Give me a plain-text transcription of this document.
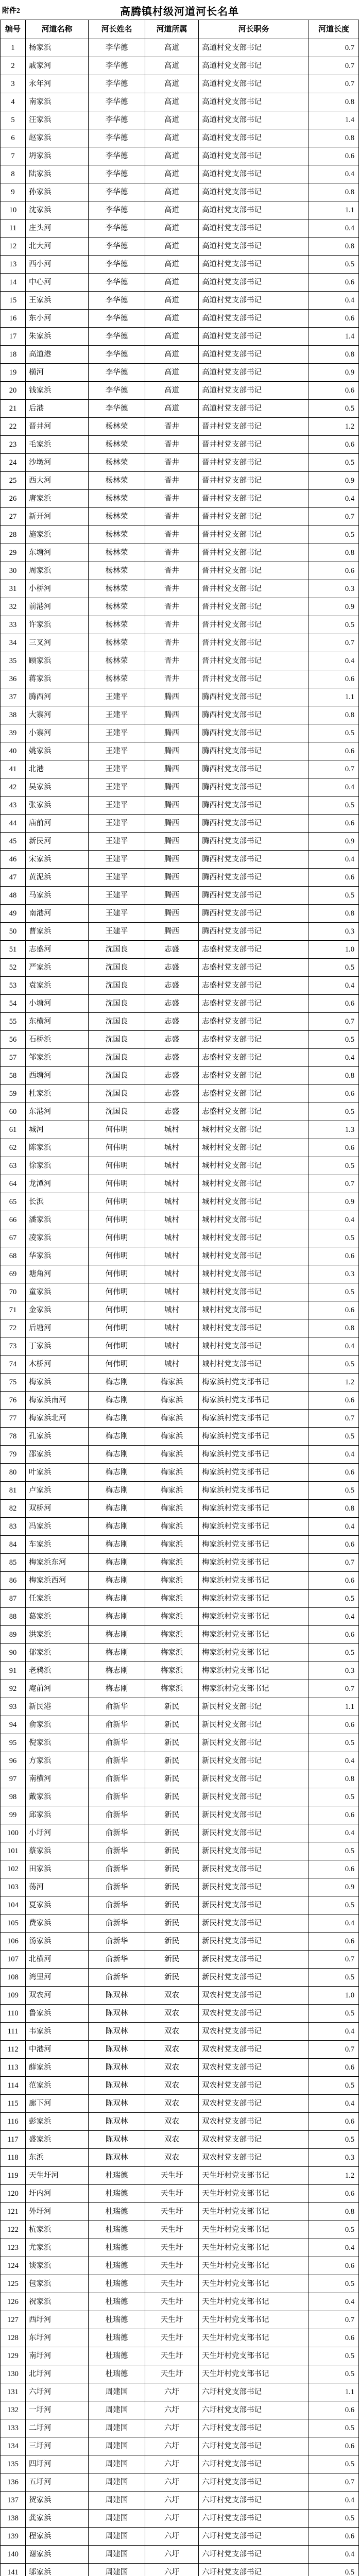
附件2	高腾镇村级河道河长名单
编号	河道名称	河长姓名	河道所属	河长职务	河道长度
1	杨家浜	李华德	高道	高道村党支部书记	0.7
2	戚家河	李华德	高道	高道村党支部书记	0.7
3	永年河	李华德	高道	高道村党支部书记	0.7
4	南家浜	李华德	高道	高道村党支部书记	0.8
5	汪家浜	李华德	高道	高道村党支部书记	1.4
6	赵家浜	李华德	高道	高道村党支部书记	0.8
7	坍家浜	李华德	高道	高道村党支部书记	0.6
8	陆家浜	李华德	高道	高道村党支部书记	0.4
9	孙家浜	李华德	高道	高道村党支部书记	0.8
10	沈家浜	李华德	高道	高道村党支部书记	1.1
11	庄头河	李华德	高道	高道村党支部书记	0.4
12	北大河	李华德	高道	高道村党支部书记	0.8
13	西小河	李华德	高道	高道村党支部书记	0.5
14	中心河	李华德	高道	高道村党支部书记	0.6
15	王家浜	李华德	高道	高道村党支部书记	0.4
16	东小河	李华德	高道	高道村党支部书记	0.6
17	朱家浜	李华德	高道	高道村党支部书记	1.4
18	高道港	李华德	高道	高道村党支部书记	0.8
19	横河	李华德	高道	高道村党支部书记	0.9
20	钱家浜	李华德	高道	高道村党支部书记	0.6
21	后港	李华德	高道	高道村党支部书记	0.5
22	晋井河	杨林荣	晋井	晋井村党支部书记	1.2
23	毛家浜	杨林荣	晋井	晋井村党支部书记	0.6
24	沙墩河	杨林荣	晋井	晋井村党支部书记	0.5
25	西大河	杨林荣	晋井	晋井村党支部书记	0.9
26	唐家浜	杨林荣	晋井	晋井村党支部书记	0.4
27	新开河	杨林荣	晋井	晋井村党支部书记	0.7
28	施家浜	杨林荣	晋井	晋井村党支部书记	0.5
29	东塘河	杨林荣	晋井	晋井村党支部书记	0.8
30	周家浜	杨林荣	晋井	晋井村党支部书记	0.6
31	小桥河	杨林荣	晋井	晋井村党支部书记	0.3
32	前港河	杨林荣	晋井	晋井村党支部书记	0.9
33	许家浜	杨林荣	晋井	晋井村党支部书记	0.5
34	三叉河	杨林荣	晋井	晋井村党支部书记	0.7
35	顾家浜	杨林荣	晋井	晋井村党支部书记	0.4
36	蒋家浜	杨林荣	晋井	晋井村党支部书记	0.6
37	腾西河	王建平	腾西	腾西村党支部书记	1.1
38	大寨河	王建平	腾西	腾西村党支部书记	0.8
39	小寨河	王建平	腾西	腾西村党支部书记	0.5
40	姚家浜	王建平	腾西	腾西村党支部书记	0.6
41	北港	王建平	腾西	腾西村党支部书记	0.7
42	吴家浜	王建平	腾西	腾西村党支部书记	0.4
43	张家浜	王建平	腾西	腾西村党支部书记	0.5
44	庙前河	王建平	腾西	腾西村党支部书记	0.6
45	新民河	王建平	腾西	腾西村党支部书记	0.9
46	宋家浜	王建平	腾西	腾西村党支部书记	0.4
47	黄泥浜	王建平	腾西	腾西村党支部书记	0.6
48	马家浜	王建平	腾西	腾西村党支部书记	0.5
49	南港河	王建平	腾西	腾西村党支部书记	0.8
50	曹家浜	王建平	腾西	腾西村党支部书记	0.3
51	志盛河	沈国良	志盛	志盛村党支部书记	1.0
52	严家浜	沈国良	志盛	志盛村党支部书记	0.5
53	袁家浜	沈国良	志盛	志盛村党支部书记	0.4
54	小塘河	沈国良	志盛	志盛村党支部书记	0.6
55	东横河	沈国良	志盛	志盛村党支部书记	0.7
56	石桥浜	沈国良	志盛	志盛村党支部书记	0.5
57	邹家浜	沈国良	志盛	志盛村党支部书记	0.4
58	西塘河	沈国良	志盛	志盛村党支部书记	0.8
59	杜家浜	沈国良	志盛	志盛村党支部书记	0.6
60	东港河	沈国良	志盛	志盛村党支部书记	0.5
61	城河	何伟明	城村	城村村党支部书记	1.3
62	陈家浜	何伟明	城村	城村村党支部书记	0.6
63	徐家浜	何伟明	城村	城村村党支部书记	0.5
64	龙潭河	何伟明	城村	城村村党支部书记	0.7
65	长浜	何伟明	城村	城村村党支部书记	0.9
66	潘家浜	何伟明	城村	城村村党支部书记	0.4
67	凌家浜	何伟明	城村	城村村党支部书记	0.5
68	华家浜	何伟明	城村	城村村党支部书记	0.6
69	塘角河	何伟明	城村	城村村党支部书记	0.3
70	童家浜	何伟明	城村	城村村党支部书记	0.5
71	金家浜	何伟明	城村	城村村党支部书记	0.6
72	后塘河	何伟明	城村	城村村党支部书记	0.8
73	丁家浜	何伟明	城村	城村村党支部书记	0.4
74	木桥河	何伟明	城村	城村村党支部书记	0.5
75	梅家浜	梅志刚	梅家浜	梅家浜村党支部书记	1.2
76	梅家浜南河	梅志刚	梅家浜	梅家浜村党支部书记	0.6
77	梅家浜北河	梅志刚	梅家浜	梅家浜村党支部书记	0.7
78	孔家浜	梅志刚	梅家浜	梅家浜村党支部书记	0.5
79	邵家浜	梅志刚	梅家浜	梅家浜村党支部书记	0.4
80	叶家浜	梅志刚	梅家浜	梅家浜村党支部书记	0.6
81	卢家浜	梅志刚	梅家浜	梅家浜村党支部书记	0.5
82	双桥河	梅志刚	梅家浜	梅家浜村党支部书记	0.8
83	冯家浜	梅志刚	梅家浜	梅家浜村党支部书记	0.4
84	车家浜	梅志刚	梅家浜	梅家浜村党支部书记	0.6
85	梅家浜东河	梅志刚	梅家浜	梅家浜村党支部书记	0.7
86	梅家浜西河	梅志刚	梅家浜	梅家浜村党支部书记	0.6
87	任家浜	梅志刚	梅家浜	梅家浜村党支部书记	0.5
88	葛家浜	梅志刚	梅家浜	梅家浜村党支部书记	0.4
89	洪家浜	梅志刚	梅家浜	梅家浜村党支部书记	0.6
90	郁家浜	梅志刚	梅家浜	梅家浜村党支部书记	0.5
91	老鸦浜	梅志刚	梅家浜	梅家浜村党支部书记	0.3
92	庵前河	梅志刚	梅家浜	梅家浜村党支部书记	0.7
93	新民港	俞新华	新民	新民村党支部书记	1.1
94	俞家浜	俞新华	新民	新民村党支部书记	0.6
95	倪家浜	俞新华	新民	新民村党支部书记	0.5
96	方家浜	俞新华	新民	新民村党支部书记	0.4
97	南横河	俞新华	新民	新民村党支部书记	0.8
98	戴家浜	俞新华	新民	新民村党支部书记	0.5
99	邱家浜	俞新华	新民	新民村党支部书记	0.6
100	小圩河	俞新华	新民	新民村党支部书记	0.4
101	蔡家浜	俞新华	新民	新民村党支部书记	0.5
102	田家浜	俞新华	新民	新民村党支部书记	0.6
103	荡河	俞新华	新民	新民村党支部书记	0.9
104	夏家浜	俞新华	新民	新民村党支部书记	0.5
105	费家浜	俞新华	新民	新民村党支部书记	0.4
106	汤家浜	俞新华	新民	新民村党支部书记	0.6
107	北横河	俞新华	新民	新民村党支部书记	0.7
108	湾里河	俞新华	新民	新民村党支部书记	0.5
109	双农河	陈双林	双农	双农村党支部书记	1.0
110	鲁家浜	陈双林	双农	双农村党支部书记	0.5
111	韦家浜	陈双林	双农	双农村党支部书记	0.4
112	中港河	陈双林	双农	双农村党支部书记	0.7
113	薛家浜	陈双林	双农	双农村党支部书记	0.6
114	范家浜	陈双林	双农	双农村党支部书记	0.5
115	廊下河	陈双林	双农	双农村党支部书记	0.4
116	彭家浜	陈双林	双农	双农村党支部书记	0.6
117	盛家浜	陈双林	双农	双农村党支部书记	0.5
118	东浜	陈双林	双农	双农村党支部书记	0.3
119	天生圩河	杜瑞德	天生圩	天生圩村党支部书记	1.2
120	圩内河	杜瑞德	天生圩	天生圩村党支部书记	0.6
121	外圩河	杜瑞德	天生圩	天生圩村党支部书记	0.8
122	杭家浜	杜瑞德	天生圩	天生圩村党支部书记	0.5
123	尤家浜	杜瑞德	天生圩	天生圩村党支部书记	0.4
124	谈家浜	杜瑞德	天生圩	天生圩村党支部书记	0.6
125	包家浜	杜瑞德	天生圩	天生圩村党支部书记	0.5
126	祝家浜	杜瑞德	天生圩	天生圩村党支部书记	0.4
127	西圩河	杜瑞德	天生圩	天生圩村党支部书记	0.7
128	东圩河	杜瑞德	天生圩	天生圩村党支部书记	0.6
129	南圩河	杜瑞德	天生圩	天生圩村党支部书记	0.5
130	北圩河	杜瑞德	天生圩	天生圩村党支部书记	0.5
131	六圩河	周建国	六圩	六圩村党支部书记	1.1
132	一圩河	周建国	六圩	六圩村党支部书记	0.6
133	二圩河	周建国	六圩	六圩村党支部书记	0.5
134	三圩河	周建国	六圩	六圩村党支部书记	0.6
135	四圩河	周建国	六圩	六圩村党支部书记	0.5
136	五圩河	周建国	六圩	六圩村党支部书记	0.7
137	贺家浜	周建国	六圩	六圩村党支部书记	0.4
138	龚家浜	周建国	六圩	六圩村党支部书记	0.5
139	程家浜	周建国	六圩	六圩村党支部书记	0.6
140	谢家浜	周建国	六圩	六圩村党支部书记	0.4
141	邬家浜	周建国	六圩	六圩村党支部书记	0.5
